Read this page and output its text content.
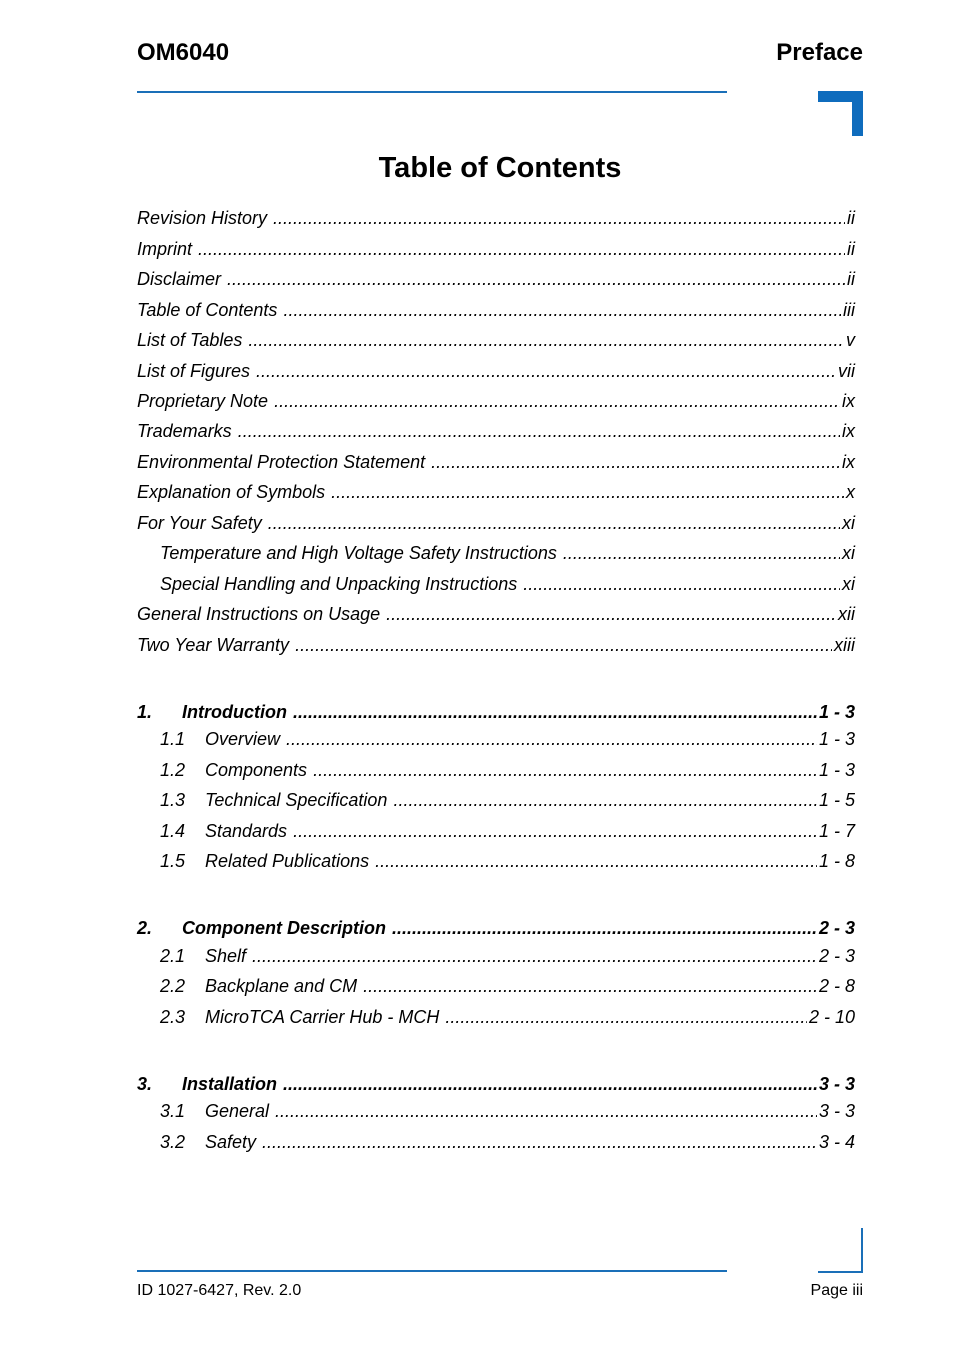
OM6040	Preface
Table of Contents
Revision History .....	ii
Imprint .....	ii
Disclaimer .....	ii
Table of Contents .....	iii
List of Tables .....	v
List of Figures .....	vii
Proprietary Note .....	ix
Trademarks .....	ix
Environmental Protection Statement .....	ix
Explanation of Symbols .....	x
For Your Safety .....	xi
Temperature and High Voltage Safety Instructions .....	xi
Special Handling and Unpacking Instructions .....	xi
General Instructions on Usage .....	xii
Two Year Warranty .....	xiii
1.	Introduction .....	1 - 3
1.1	Overview .....	1 - 3
1.2	Components .....	1 - 3
1.3	Technical Specification .....	1 - 5
1.4	Standards .....	1 - 7
1.5	Related Publications .....	1 - 8
2.	Component Description .....	2 - 3
2.1	Shelf .....	2 - 3
2.2	Backplane and CM .....	2 - 8
2.3	MicroTCA Carrier Hub - MCH .....	2 - 10
3.	Installation .....	3 - 3
3.1	General .....	3 - 3
3.2	Safety .....	3 - 4
ID 1027-6427, Rev. 2.0	Page iii
